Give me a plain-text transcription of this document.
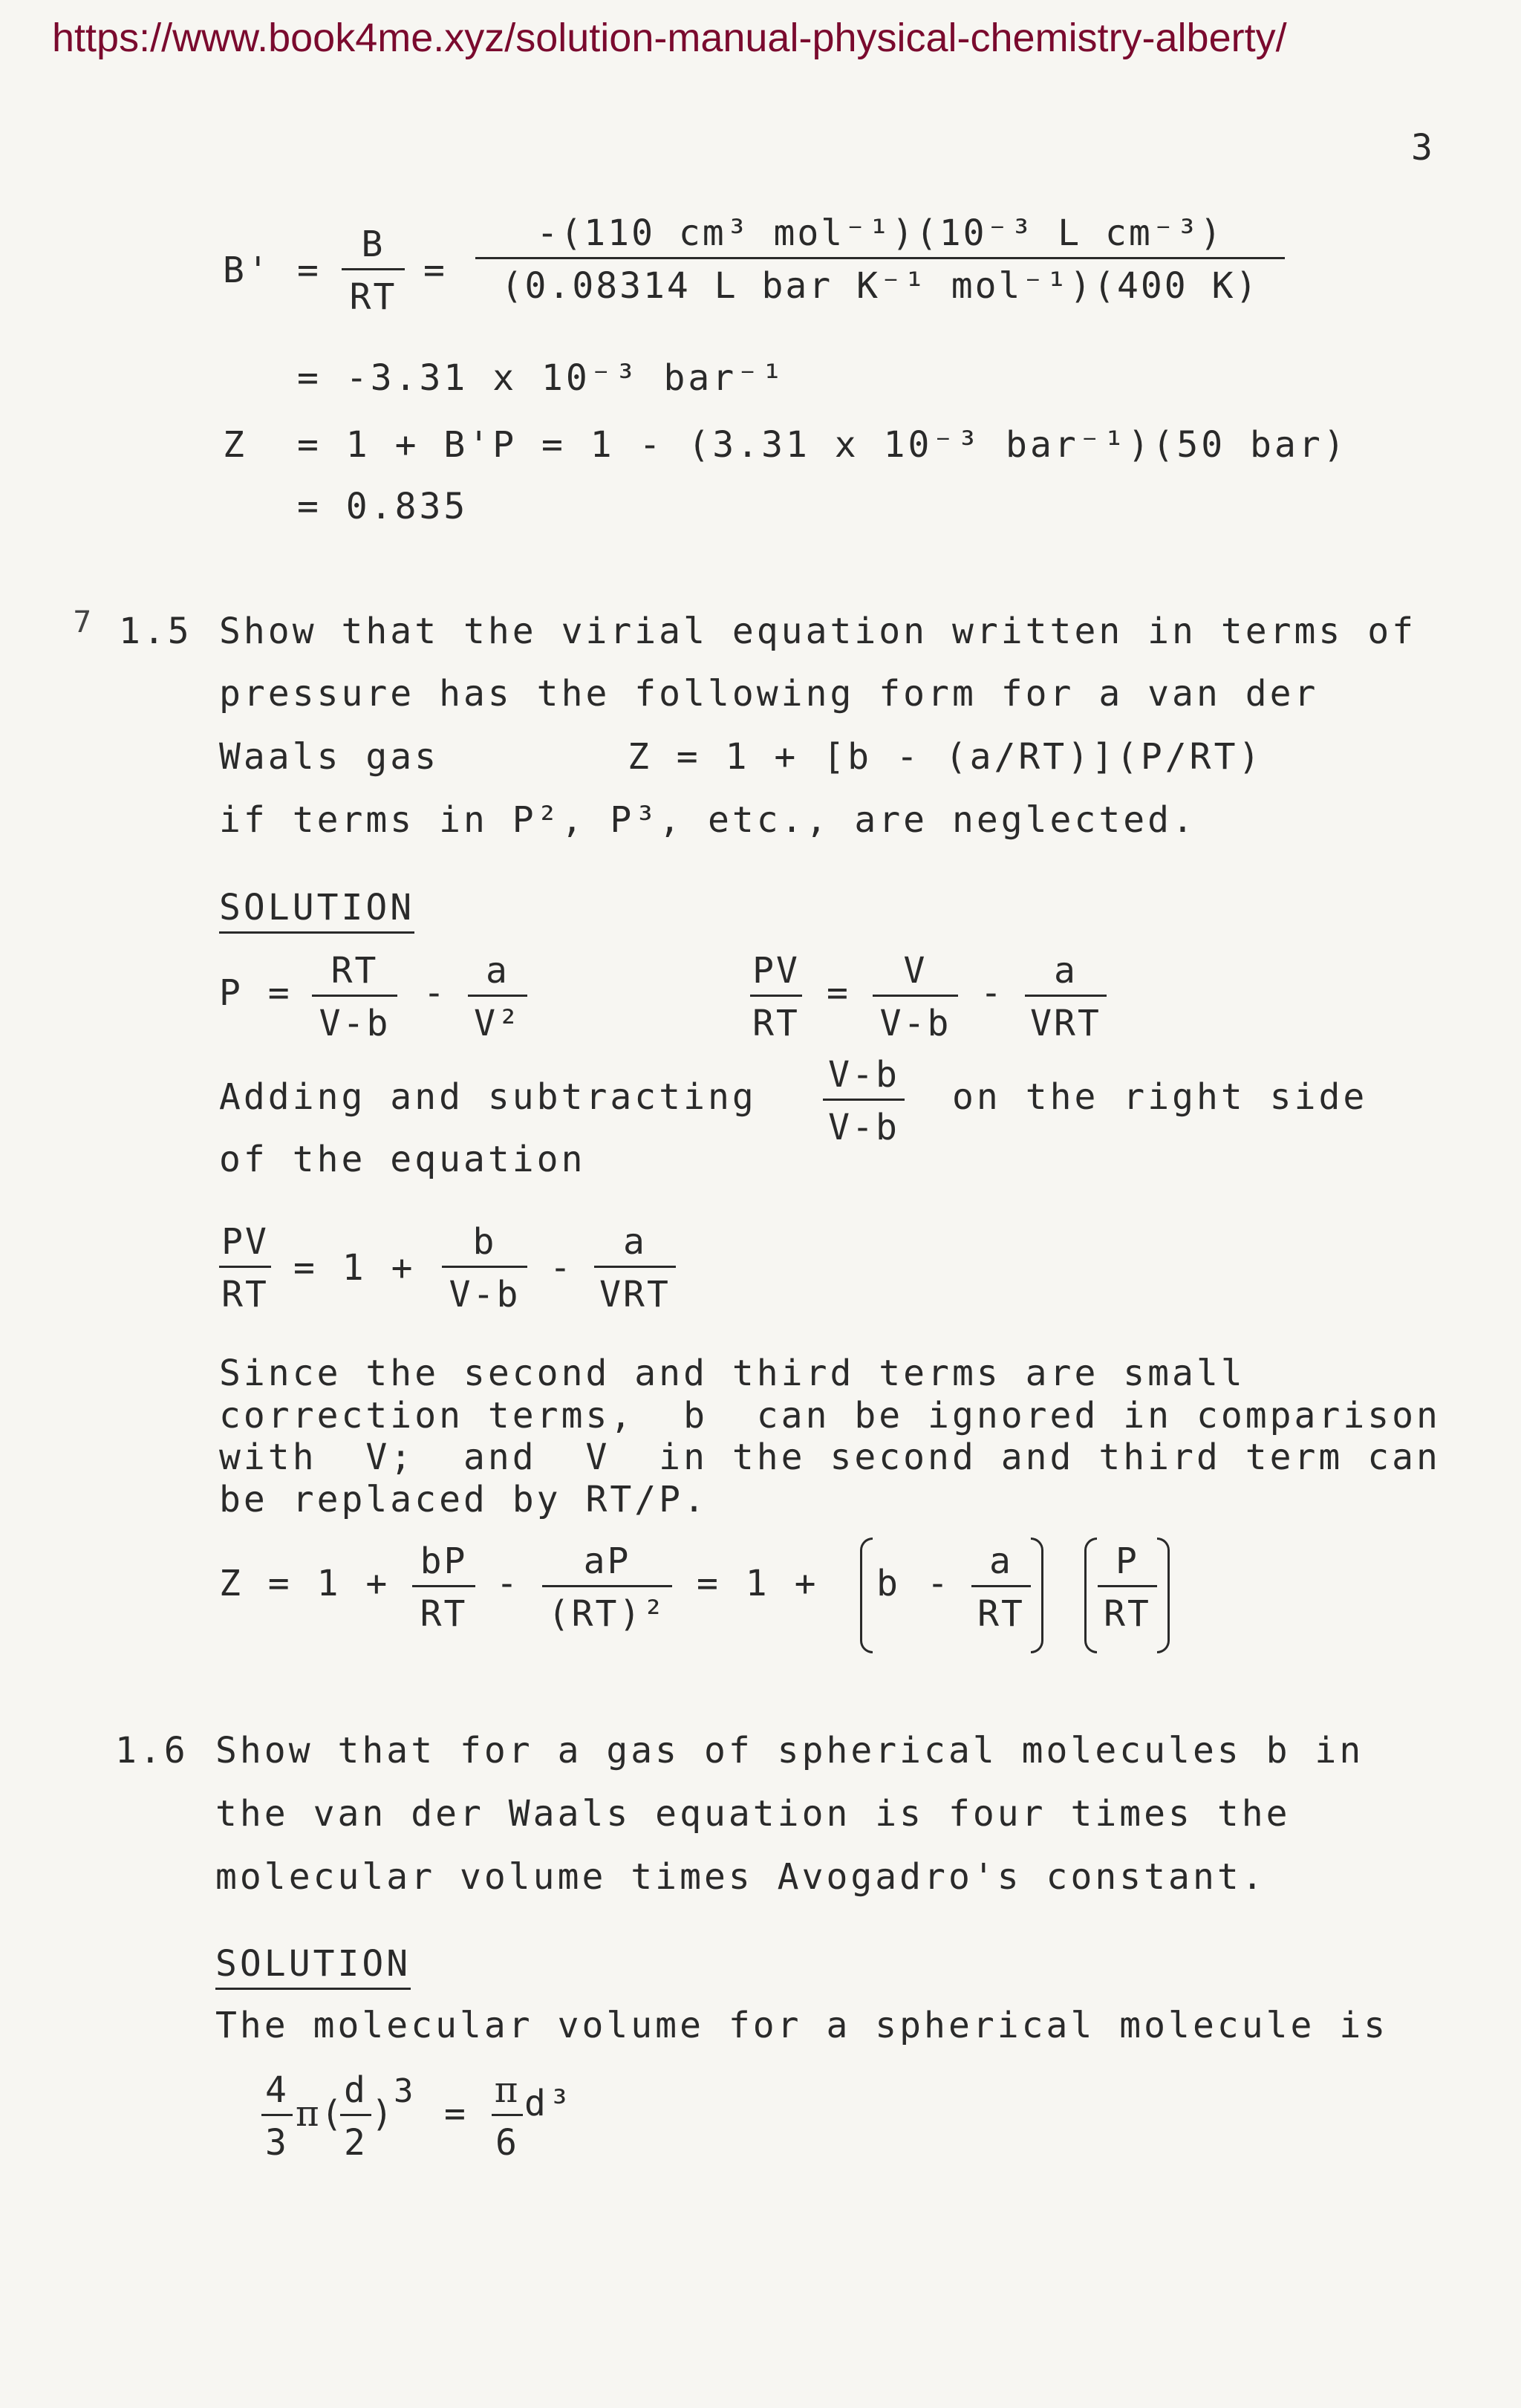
https://www.book4me.xyz/solution-manual-physical-chemistry-alberty/
3
B' =
B
RT
=
-(110 cm³ mol⁻¹)(10⁻³ L cm⁻³)
(0.08314 L bar K⁻¹ mol⁻¹)(400 K)
= -3.31 x 10⁻³ bar⁻¹
Z = 1 + B'P = 1 - (3.31 x 10⁻³ bar⁻¹)(50 bar)
= 0.835
7 1.5 Show that the virial equation written in terms of
pressure has the following form for a van der
Waals gas	Z = 1 + [b - (a/RT)](P/RT)
if terms in P², P³, etc., are neglected.
SOLUTION
P =
RT
V-b
-
a
V²
PV
RT
=
V
V-b
-
a
VRT
Adding and subtracting
V-b
V-b
on the right side
of the equation
PV
RT
= 1 +
b
V-b
-
a
VRT
Since the second and third terms are small
correction terms,  b  can be ignored in comparison
with  V;  and  V  in the second and third term can
be replaced by RT/P.
Z = 1 +
bP
RT
-
aP
(RT)²
= 1 + b -
a
RT
P
RT
1.6 Show that for a gas of spherical molecules b in
the van der Waals equation is four times the
molecular volume times Avogadro's constant.
SOLUTION
The molecular volume for a spherical molecule is
4
3
π
(
d
2
)
3
=
π
6
d³
